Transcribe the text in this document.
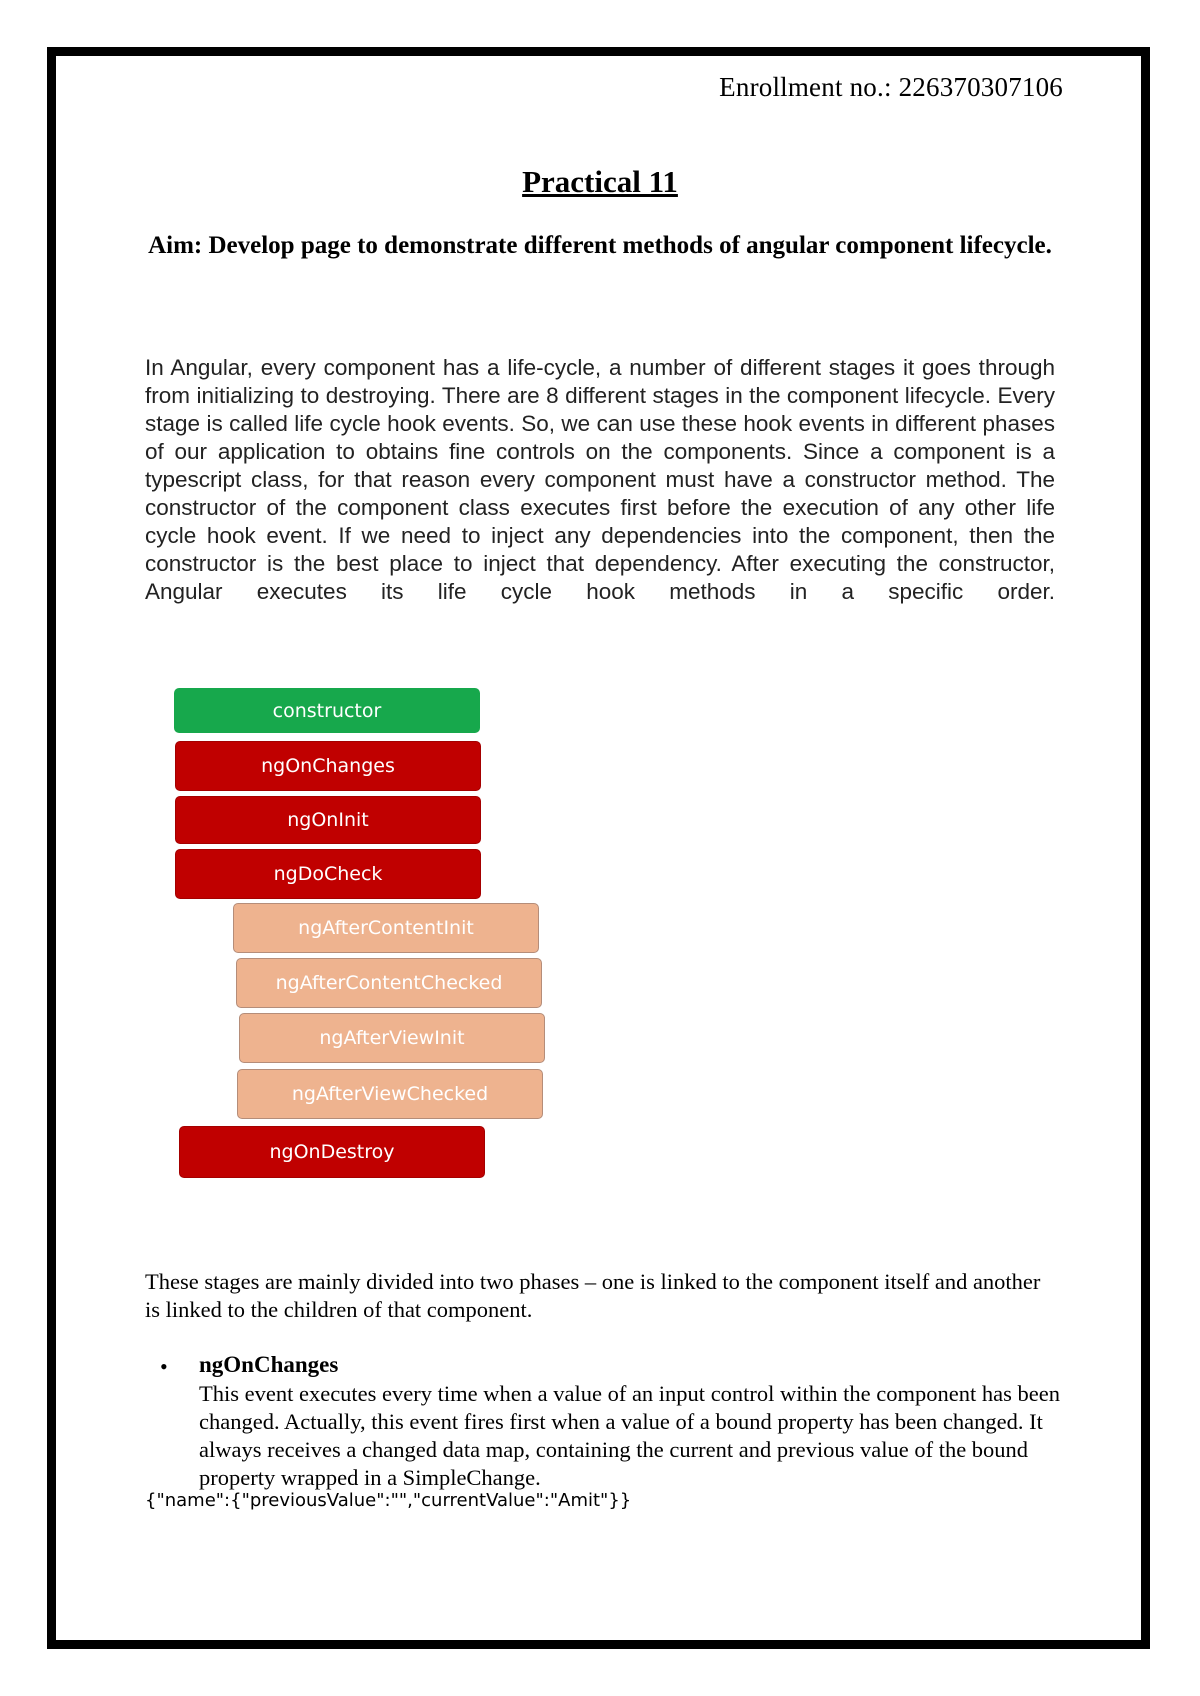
Enrollment no.: 226370307106
Practical 11
Aim: Develop page to demonstrate different methods of angular component lifecycle.
In Angular, every component has a life-cycle, a number of different stages it goes through from initializing to destroying. There are 8 different stages in the component lifecycle. Every stage is called life cycle hook events. So, we can use these hook events in different phases of our application to obtains fine controls on the components. Since a component is a typescript class, for that reason every component must have a constructor method. The constructor of the component class executes first before the execution of any other life cycle hook event. If we need to inject any dependencies into the component, then the constructor is the best place to inject that dependency. After executing the constructor, Angular executes its life cycle hook methods in a specific order.
constructor
ngOnChanges
ngOnInit
ngDoCheck
ngAfterContentInit
ngAfterContentChecked
ngAfterViewInit
ngAfterViewChecked
ngOnDestroy
These stages are mainly divided into two phases – one is linked to the component itself and another is linked to the children of that component.
• ngOnChanges
This event executes every time when a value of an input control within the component has been changed. Actually, this event fires first when a value of a bound property has been changed. It always receives a changed data map, containing the current and previous value of the bound property wrapped in a SimpleChange.
{"name":{"previousValue":"","currentValue":"Amit"}}
